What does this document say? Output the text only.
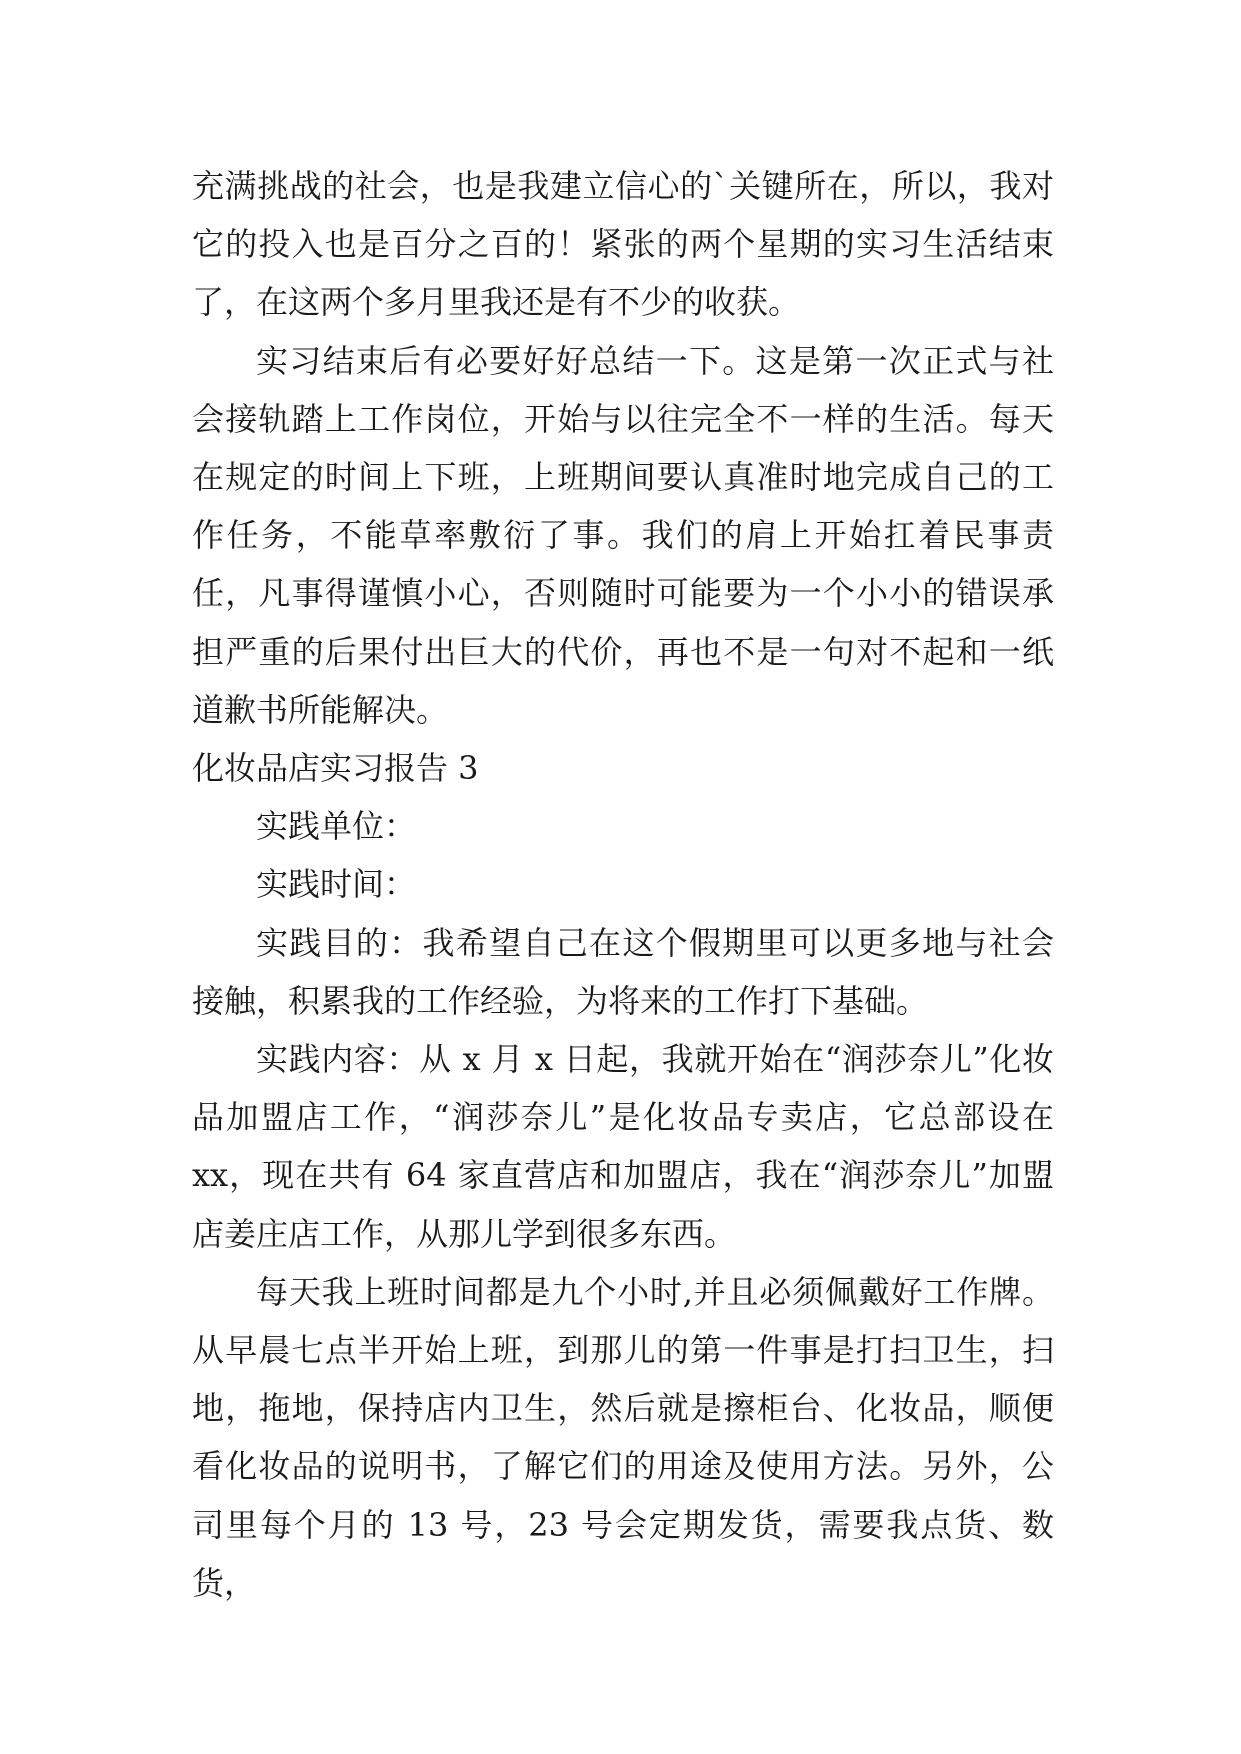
充满挑战的社会，也是我建立信心的`关键所在，所以，我对它的投入也是百分之百的！紧张的两个星期的实习生活结束了，在这两个多月里我还是有不少的收获。

实习结束后有必要好好总结一下。这是第一次正式与社会接轨踏上工作岗位，开始与以往完全不一样的生活。每天在规定的时间上下班，上班期间要认真准时地完成自己的工作任务，不能草率敷衍了事。我们的肩上开始扛着民事责任，凡事得谨慎小心，否则随时可能要为一个小小的错误承担严重的后果付出巨大的代价，再也不是一句对不起和一纸道歉书所能解决。

化妆品店实习报告 3

实践单位：

实践时间：

实践目的：我希望自己在这个假期里可以更多地与社会接触，积累我的工作经验，为将来的工作打下基础。

实践内容：从 x 月 x 日起，我就开始在“润莎奈儿”化妆品加盟店工作，“润莎奈儿”是化妆品专卖店，它总部设在 xx，现在共有 64 家直营店和加盟店，我在“润莎奈儿”加盟店姜庄店工作，从那儿学到很多东西。

每天我上班时间都是九个小时,并且必须佩戴好工作牌。从早晨七点半开始上班，到那儿的第一件事是打扫卫生，扫地，拖地，保持店内卫生，然后就是擦柜台、化妆品，顺便看化妆品的说明书，了解它们的用途及使用方法。另外，公司里每个月的 13 号，23 号会定期发货，需要我点货、数货，
